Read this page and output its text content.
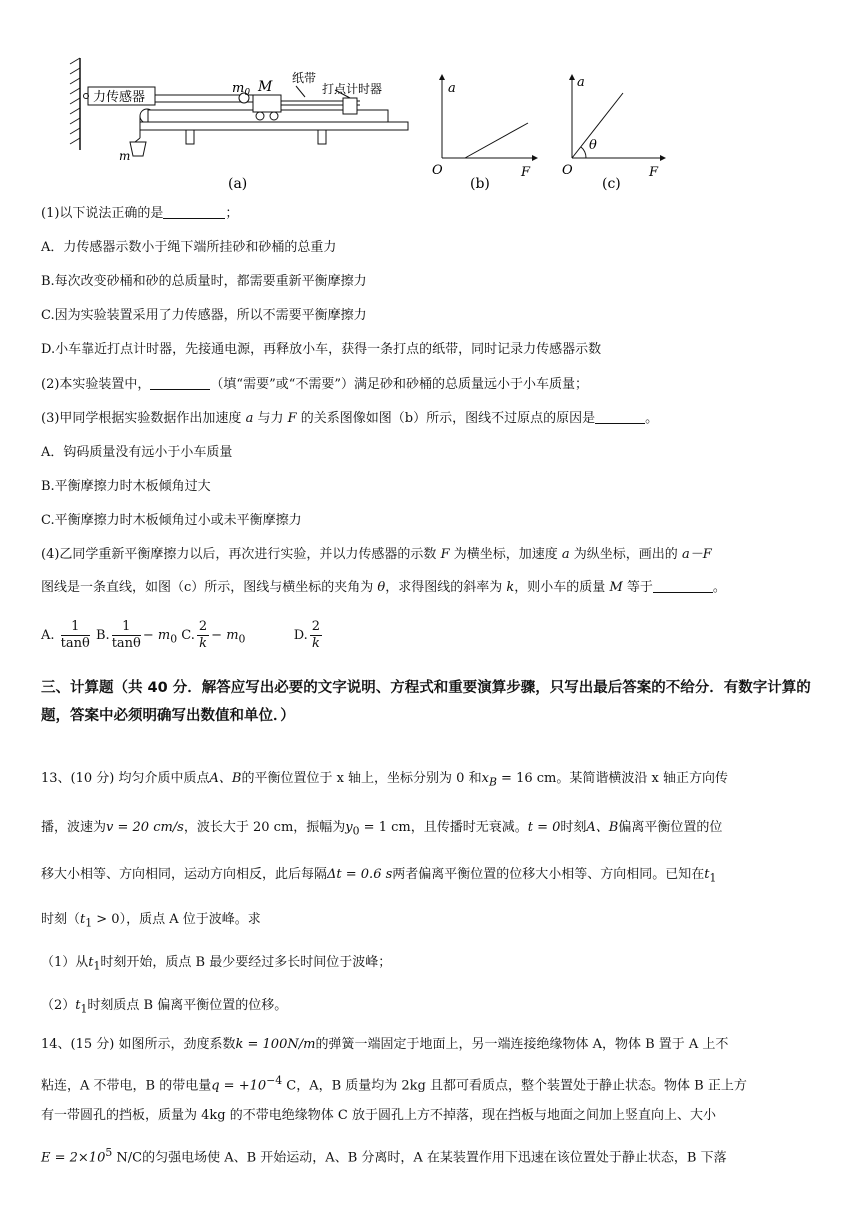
力传感器
m
$m_0$ M
纸带
打点计时器
(a)
a
O	F
(b)
θ
a
O	F
(c)
(1)以下说法正确的是	；
A．力传感器示数小于绳下端所挂砂和砂桶的总重力
B.每次改变砂桶和砂的总质量时，都需要重新平衡摩擦力
C.因为实验装置采用了力传感器，所以不需要平衡摩擦力
D.小车靠近打点计时器，先接通电源，再释放小车，获得一条打点的纸带，同时记录力传感器示数
(2)本实验装置中，	（填“需要”或“不需要”）满足砂和砂桶的总质量远小于小车质量；
(3)甲同学根据实验数据作出加速度 a 与力 F 的关系图像如图（b）所示，图线不过原点的原因是	。
A．钩码质量没有远小于小车质量
B.平衡摩擦力时木板倾角过大
C.平衡摩擦力时木板倾角过小或未平衡摩擦力
(4)乙同学重新平衡摩擦力以后，再次进行实验，并以力传感器的示数 F 为横坐标，加速度 a 为纵坐标，画出的 a－F
图线是一条直线，如图（c）所示，图线与横坐标的夹角为 θ，求得图线的斜率为 k，则小车的质量 M 等于	。
A. $\frac{1}{\tan\theta} B$. $\frac{1}{\tan\theta} - m_0$ C. $\frac{2}{k} - m_0$	D. $\frac{2}{k}$
三、计算题（共 40 分．解答应写出必要的文字说明、方程式和重要演算步骤，只写出最后答案的不给分．有数字计算的题，答案中必须明确写出数值和单位．）
13、(10 分) 均匀介质中质点A、B的平衡位置位于 x 轴上，坐标分别为 0 和$x_B = 16$ cm。某简谐横波沿 x 轴正方向传
播，波速为v = 20 cm/s，波长大于 20 cm，振幅为$y_0 = 1$ cm，且传播时无衰减。t = 0时刻A、B偏离平衡位置的位
移大小相等、方向相同，运动方向相反，此后每隔Δt = 0.6 s两者偏离平衡位置的位移大小相等、方向相同。已知在$t_1$
时刻$(t_1 > 0)$，质点 A 位于波峰。求
（1）从$t_1$时刻开始，质点 B 最少要经过多长时间位于波峰；
$(2)t_1$时刻质点 B 偏离平衡位置的位移。
14、(15 分) 如图所示，劲度系数k = 100N/m的弹簧一端固定于地面上，另一端连接绝缘物体 A，物体 B 置于 A 上不
粘连，A 不带电，B 的带电量$q = +10^{-4}$ C，A，B 质量均为 2kg 且都可看质点，整个装置处于静止状态。物体 B 正上方
有一带圆孔的挡板，质量为 4kg 的不带电绝缘物体 C 放于圆孔上方不掉落，现在挡板与地面之间加上竖直向上、大小
$E = 2\times 10^5$ N/C的匀强电场使 A、B 开始运动，A、B 分离时，A 在某装置作用下迅速在该位置处于静止状态，B 下落
